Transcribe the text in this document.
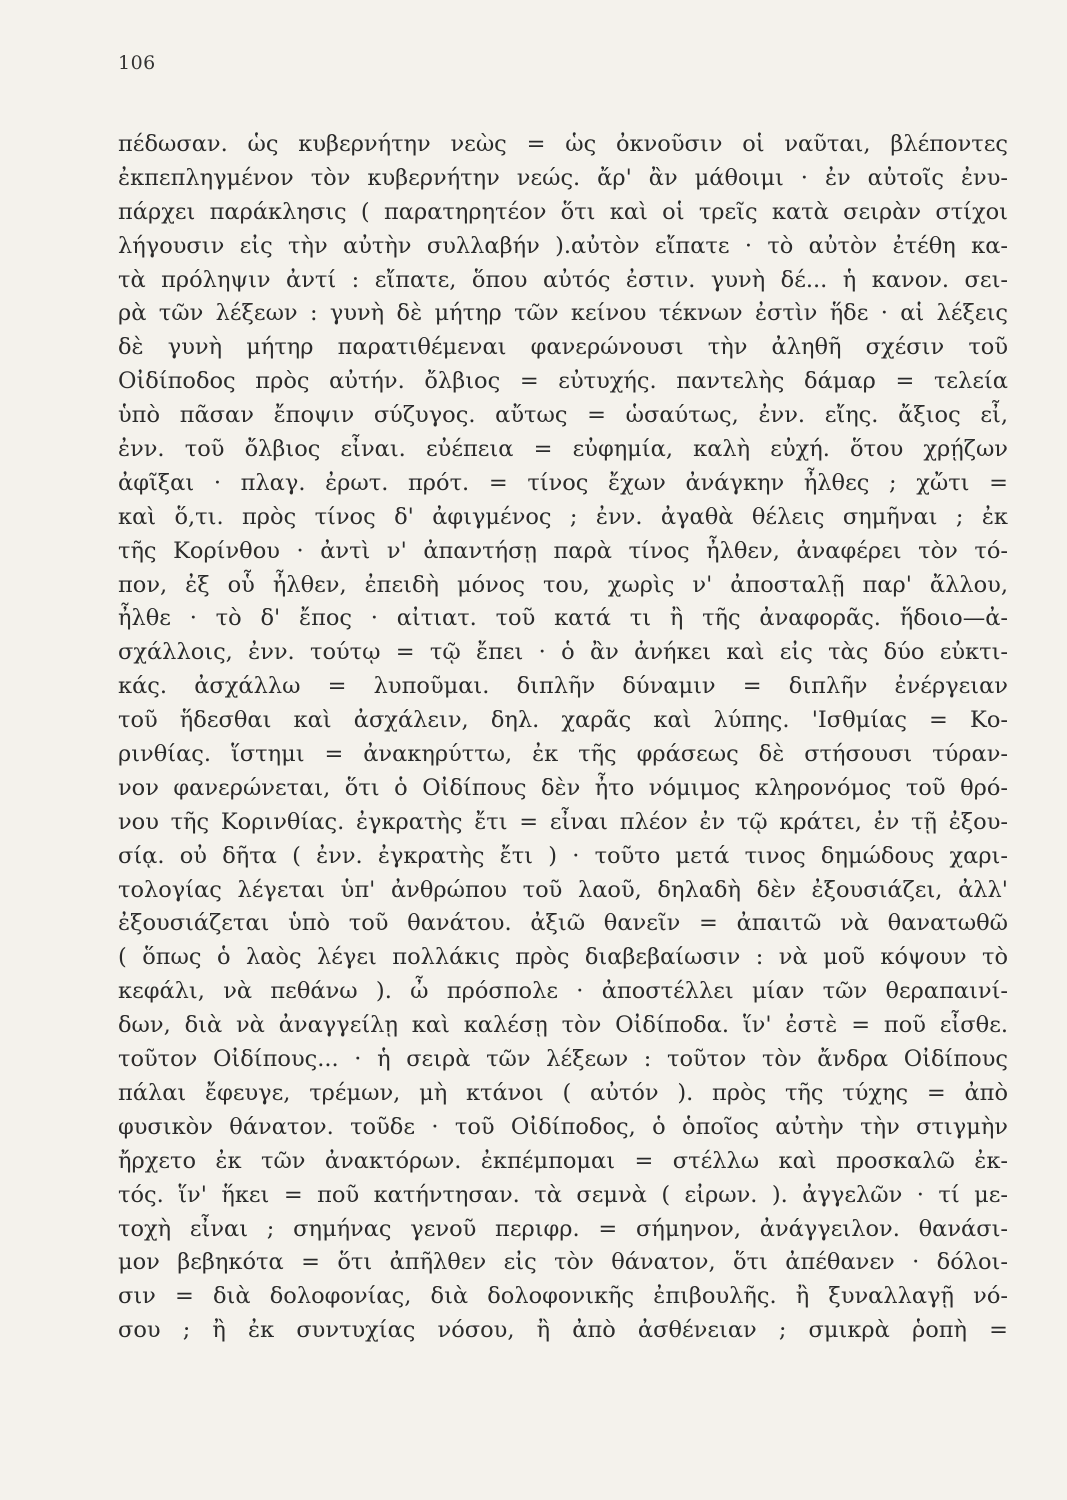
106
πέδωσαν. ὡς κυβερνήτην νεὼς = ὡς ὀκνοῦσιν οἱ ναῦται, βλέποντες
ἐκπεπληγμένον τὸν κυβερνήτην νεώς. ἄρ' ἂν μάθοιμι · ἐν αὐτοῖς ἐνυ-
πάρχει παράκλησις ( παρατηρητέον ὅτι καὶ οἱ τρεῖς κατὰ σειρὰν στίχοι
λήγουσιν εἰς τὴν αὐτὴν συλλαβήν ).αὐτὸν εἴπατε · τὸ αὐτὸν ἐτέθη κα-
τὰ πρόληψιν ἀντί : εἴπατε, ὅπου αὐτός ἐστιν. γυνὴ δέ... ἡ κανον. σει-
ρὰ τῶν λέξεων : γυνὴ δὲ μήτηρ τῶν κείνου τέκνων ἐστὶν ἥδε · αἱ λέξεις
δὲ γυνὴ μήτηρ παρατιθέμεναι φανερώνουσι τὴν ἀληθῆ σχέσιν τοῦ
Οἰδίποδος πρὸς αὐτήν. ὄλβιος = εὐτυχής. παντελὴς δάμαρ = τελεία
ὑπὸ πᾶσαν ἔποψιν σύζυγος. αὔτως = ὡσαύτως, ἐνν. εἴης. ἄξιος εἶ,
ἐνν. τοῦ ὄλβιος εἶναι. εὐέπεια = εὐφημία, καλὴ εὐχή. ὅτου χρῄζων
ἀφῖξαι · πλαγ. ἐρωτ. πρότ. = τίνος ἔχων ἀνάγκην ἦλθες ; χὤτι =
καὶ ὅ,τι. πρὸς τίνος δ' ἀφιγμένος ; ἐνν. ἀγαθὰ θέλεις σημῆναι ; ἐκ
τῆς Κορίνθου · ἀντὶ ν' ἀπαντήσῃ παρὰ τίνος ἦλθεν, ἀναφέρει τὸν τό-
πον, ἐξ οὗ ἦλθεν, ἐπειδὴ μόνος του, χωρὶς ν' ἀποσταλῇ παρ' ἄλλου,
ἦλθε · τὸ δ' ἔπος · αἰτιατ. τοῦ κατά τι ἢ τῆς ἀναφορᾶς. ἥδοιο—ἀ-
σχάλλοις, ἐνν. τούτῳ = τῷ ἔπει · ὁ ἂν ἀνήκει καὶ εἰς τὰς δύο εὐκτι-
κάς. ἀσχάλλω = λυποῦμαι. διπλῆν δύναμιν = διπλῆν ἐνέργειαν
τοῦ ἥδεσθαι καὶ ἀσχάλειν, δηλ. χαρᾶς καὶ λύπης. 'Ισθμίας = Κο-
ρινθίας. ἵστημι = ἀνακηρύττω, ἐκ τῆς φράσεως δὲ στήσουσι τύραν-
νον φανερώνεται, ὅτι ὁ Οἰδίπους δὲν ἦτο νόμιμος κληρονόμος τοῦ θρό-
νου τῆς Κορινθίας. ἐγκρατὴς ἔτι = εἶναι πλέον ἐν τῷ κράτει, ἐν τῇ ἐξου-
σίᾳ. οὐ δῆτα ( ἐνν. ἐγκρατὴς ἔτι ) · τοῦτο μετά τινος δημώδους χαρι-
τολογίας λέγεται ὑπ' ἀνθρώπου τοῦ λαοῦ, δηλαδὴ δὲν ἐξουσιάζει, ἀλλ'
ἐξουσιάζεται ὑπὸ τοῦ θανάτου. ἀξιῶ θανεῖν = ἀπαιτῶ νὰ θανατωθῶ
( ὅπως ὁ λαὸς λέγει πολλάκις πρὸς διαβεβαίωσιν : νὰ μοῦ κόψουν τὸ
κεφάλι, νὰ πεθάνω ). ὦ πρόσπολε · ἀποστέλλει μίαν τῶν θεραπαινί-
δων, διὰ νὰ ἀναγγείλῃ καὶ καλέσῃ τὸν Οἰδίποδα. ἵν' ἐστὲ = ποῦ εἶσθε.
τοῦτον Οἰδίπους... · ἡ σειρὰ τῶν λέξεων : τοῦτον τὸν ἄνδρα Οἰδίπους
πάλαι ἔφευγε, τρέμων, μὴ κτάνοι ( αὐτόν ). πρὸς τῆς τύχης = ἀπὸ
φυσικὸν θάνατον. τοῦδε · τοῦ Οἰδίποδος, ὁ ὁποῖος αὐτὴν τὴν στιγμὴν
ἤρχετο ἐκ τῶν ἀνακτόρων. ἐκπέμπομαι = στέλλω καὶ προσκαλῶ ἐκ-
τός. ἵν' ἥκει = ποῦ κατήντησαν. τὰ σεμνὰ ( εἰρων. ). ἀγγελῶν · τί με-
τοχὴ εἶναι ; σημήνας γενοῦ περιφρ. = σήμηνον, ἀνάγγειλον. θανάσι-
μον βεβηκότα = ὅτι ἀπῆλθεν εἰς τὸν θάνατον, ὅτι ἀπέθανεν · δόλοι-
σιν = διὰ δολοφονίας, διὰ δολοφονικῆς ἐπιβουλῆς. ἢ ξυναλλαγῇ νό-
σου ; ἢ ἐκ συντυχίας νόσου, ἢ ἀπὸ ἀσθένειαν ; σμικρὰ ῥοπὴ =
